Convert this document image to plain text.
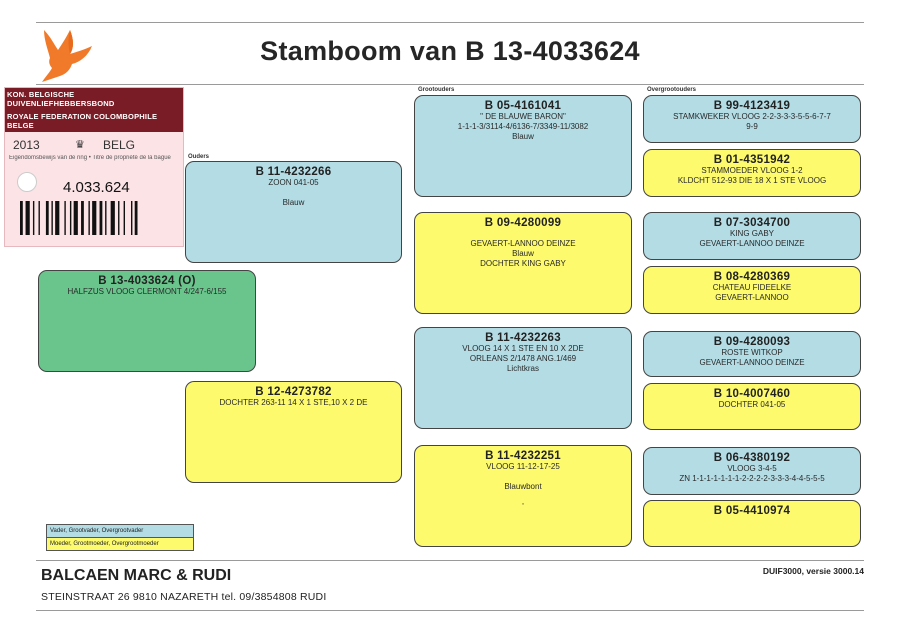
Stamboom van B 13-4033624
KON. BELGISCHE DUIVENLIEFHEBBERSBOND
ROYALE FEDERATION COLOMBOPHILE BELGE
2013	♛ BELG
Eigendomsbewijs van de ring • Titre de propriété de la bague
4.033.624
Ouders
Grootouders	Overgrootouders
B 13-4033624 (O)
HALFZUS VLOOG CLERMONT 4/247-6/155
B 11-4232266
ZOON 041-05
Blauw
B 12-4273782
DOCHTER 263-11 14 X 1 STE,10 X 2 DE
B 05-4161041
" DE BLAUWE BARON"
1-1-1-3/3114-4/6136-7/3349-11/3082
Blauw
B 09-4280099
GEVAERT-LANNOO DEINZE
Blauw
DOCHTER KING GABY
B 11-4232263
VLOOG 14 X 1 STE EN 10 X 2DE
ORLEANS 2/1478 ANG.1/469
Lichtkras
B 11-4232251
VLOOG 11-12-17-25
Blauwbont
'
B 99-4123419
STAMKWEKER VLOOG 2-2-3-3-3-5-5-6-7-7
9-9
B 01-4351942
STAMMOEDER VLOOG 1-2
KLDCHT 512-93 DIE 18 X 1 STE VLOOG
B 07-3034700
KING GABY
GEVAERT-LANNOO DEINZE
B 08-4280369
CHATEAU FIDEELKE
GEVAERT-LANNOO
B 09-4280093
ROSTE WITKOP
GEVAERT-LANNOO DEINZE
B 10-4007460
DOCHTER 041-05
B 06-4380192
VLOOG 3-4-5
ZN 1-1-1-1-1-1-1-2-2-2-2-3-3-3-4-4-5-5-5
B 05-4410974
Vader, Grootvader, Overgrootvader
Moeder, Grootmoeder, Overgrootmoeder
BALCAEN MARC & RUDI	DUIF3000, versie 3000.14
STEINSTRAAT 26 9810 NAZARETH tel. 09/3854808 RUDI
